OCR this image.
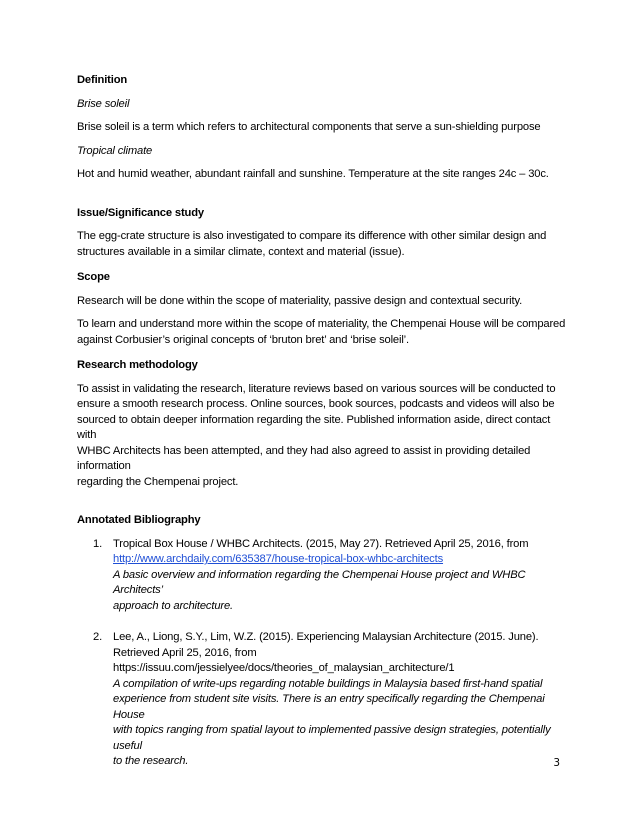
Definition

Brise soleil

Brise soleil is a term which refers to architectural components that serve a sun-shielding purpose

Tropical climate

Hot and humid weather, abundant rainfall and sunshine. Temperature at the site ranges 24c – 30c.

Issue/Significance study

The egg-crate structure is also investigated to compare its difference with other similar design and

structures available in a similar climate, context and material (issue).

Scope

Research will be done within the scope of materiality, passive design and contextual security.

To learn and understand more within the scope of materiality, the Chempenai House will be compared

against Corbusier’s original concepts of ‘bruton bret’ and ‘brise soleil’.

Research methodology

To assist in validating the research, literature reviews based on various sources will be conducted to

ensure a smooth research process. Online sources, book sources, podcasts and videos will also be

sourced to obtain deeper information regarding the site. Published information aside, direct contact with

WHBC Architects has been attempted, and they had also agreed to assist in providing detailed information

regarding the Chempenai project.

Annotated Bibliography

1. Tropical Box House / WHBC Architects. (2015, May 27). Retrieved April 25, 2016, from

http://www.archdaily.com/635387/house-tropical-box-whbc-architects

A basic overview and information regarding the Chempenai House project and WHBC Architects’

approach to architecture.

2. Lee, A., Liong, S.Y., Lim, W.Z. (2015). Experiencing Malaysian Architecture (2015. June).

Retrieved April 25, 2016, from

https://issuu.com/jessielyee/docs/theories_of_malaysian_architecture/1

A compilation of write-ups regarding notable buildings in Malaysia based first-hand spatial

experience from student site visits. There is an entry specifically regarding the Chempenai House

with topics ranging from spatial layout to implemented passive design strategies, potentially useful

to the research.	3
